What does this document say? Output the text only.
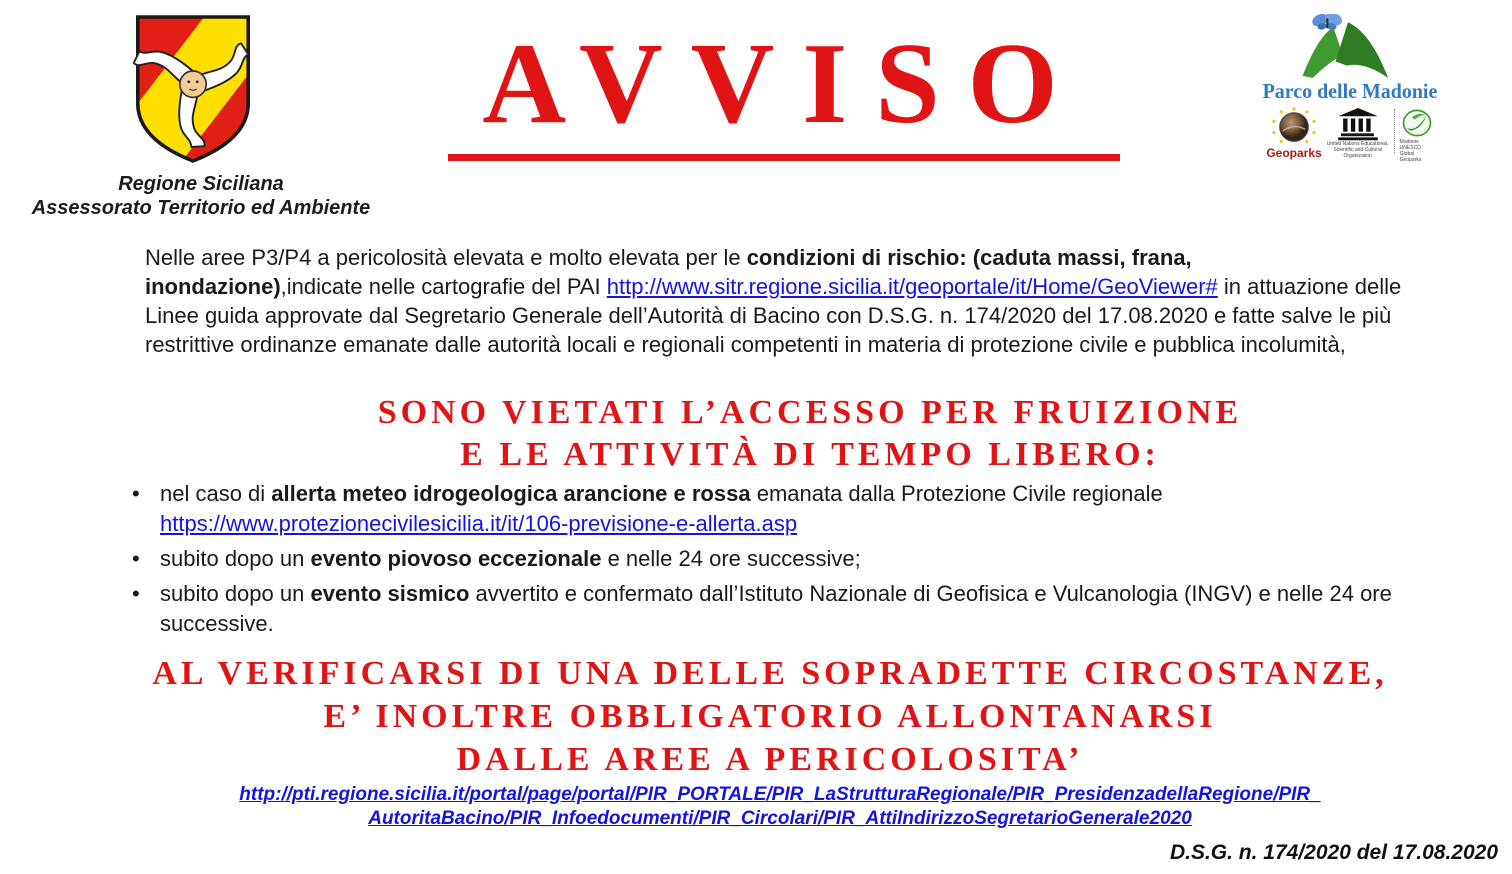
Regione Siciliana
Assessorato Territorio ed Ambiente
AVVISO	Parco delle Madonie
Geoparks
United Nations Educational, Scientific and Cultural Organization
Madonie UNESCO Global Geoparks
Nelle aree P3/P4 a pericolosità elevata e molto elevata per le condizioni di rischio: (caduta massi, frana, inondazione),indicate nelle cartografie del PAI http://www.sitr.regione.sicilia.it/geoportale/it/Home/GeoViewer# in attuazione delle Linee guida approvate dal Segretario Generale dell’Autorità di Bacino con D.S.G. n. 174/2020 del 17.08.2020 e fatte salve le più restrittive ordinanze emanate dalle autorità locali e regionali competenti in materia di protezione civile e pubblica incolumità,
SONO VIETATI L’ACCESSO PER FRUIZIONE
E LE ATTIVITÀ DI TEMPO LIBERO:
• nel caso di allerta meteo idrogeologica arancione e rossa emanata dalla Protezione Civile regionale
https://www.protezionecivilesicilia.it/it/106-previsione-e-allerta.asp
• subito dopo un evento piovoso eccezionale e nelle 24 ore successive;
• subito dopo un evento sismico avvertito e confermato dall’Istituto Nazionale di Geofisica e Vulcanologia (INGV) e nelle 24 ore successive.
AL VERIFICARSI DI UNA DELLE SOPRADETTE CIRCOSTANZE,
E’ INOLTRE OBBLIGATORIO ALLONTANARSI
DALLE AREE A PERICOLOSITA’
http://pti.regione.sicilia.it/portal/page/portal/PIR_PORTALE/PIR_LaStrutturaRegionale/PIR_PresidenzadellaRegione/PIR_
AutoritaBacino/PIR_Infoedocumenti/PIR_Circolari/PIR_AttiIndirizzoSegretarioGenerale2020
D.S.G. n. 174/2020 del 17.08.2020
